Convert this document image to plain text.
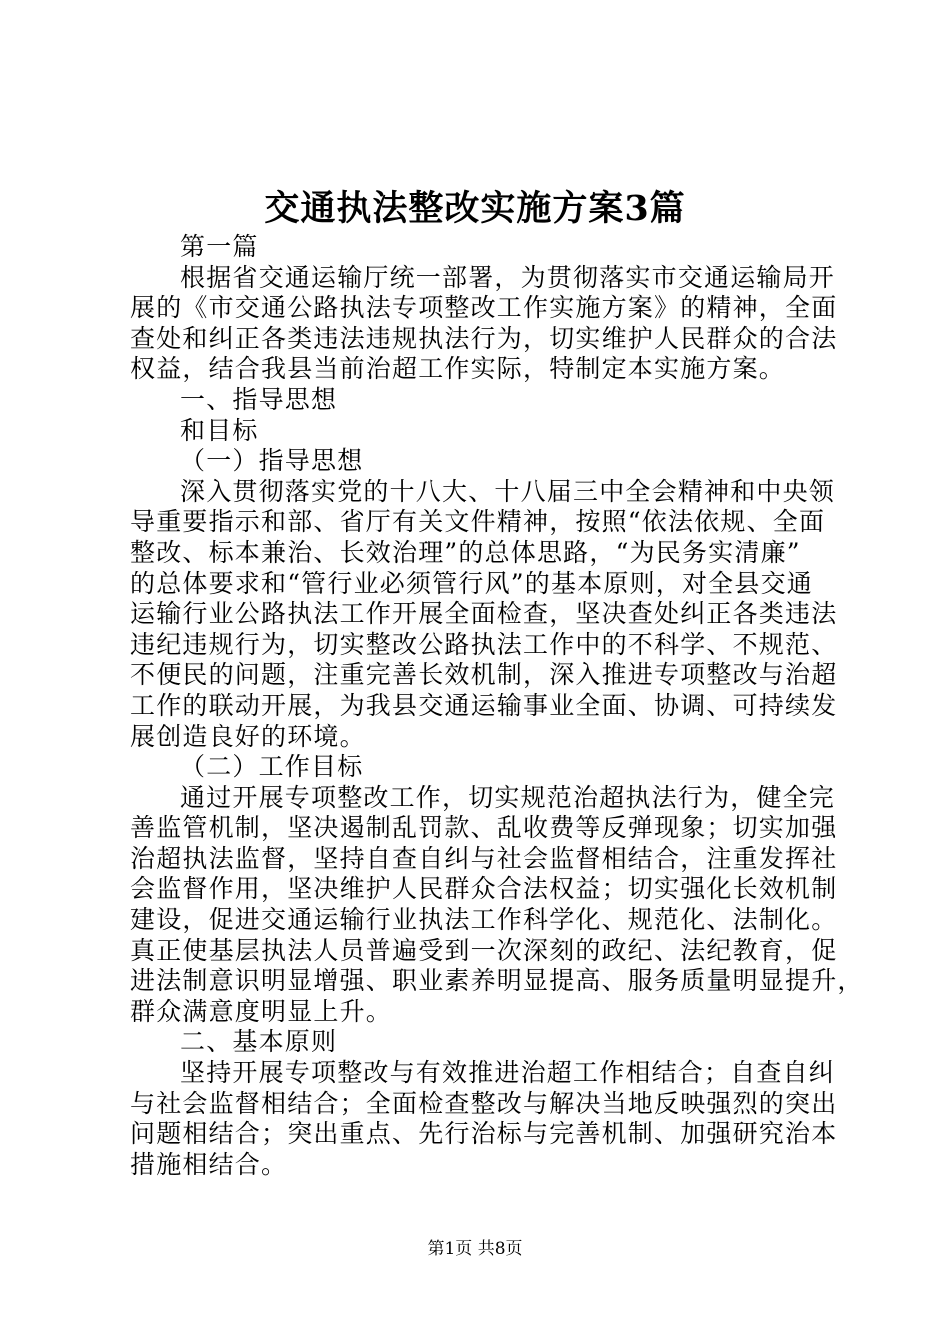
交通执法整改实施方案3篇
第一篇
根据省交通运输厅统一部署，为贯彻落实市交通运输局开
展的《市交通公路执法专项整改工作实施方案》的精神，全面
查处和纠正各类违法违规执法行为，切实维护人民群众的合法
权益，结合我县当前治超工作实际，特制定本实施方案。
一、指导思想
和目标
（一）指导思想
深入贯彻落实党的十八大、十八届三中全会精神和中央领
导重要指示和部、省厅有关文件精神，按照“依法依规、全面
整改、标本兼治、长效治理”的总体思路，“为民务实清廉”
的总体要求和“管行业必须管行风”的基本原则，对全县交通
运输行业公路执法工作开展全面检查，坚决查处纠正各类违法
违纪违规行为，切实整改公路执法工作中的不科学、不规范、
不便民的问题，注重完善长效机制，深入推进专项整改与治超
工作的联动开展，为我县交通运输事业全面、协调、可持续发
展创造良好的环境。
（二）工作目标
通过开展专项整改工作，切实规范治超执法行为，健全完
善监管机制，坚决遏制乱罚款、乱收费等反弹现象；切实加强
治超执法监督，坚持自查自纠与社会监督相结合，注重发挥社
会监督作用，坚决维护人民群众合法权益；切实强化长效机制
建设，促进交通运输行业执法工作科学化、规范化、法制化。
真正使基层执法人员普遍受到一次深刻的政纪、法纪教育，促
进法制意识明显增强、职业素养明显提高、服务质量明显提升，
群众满意度明显上升。
二、基本原则
坚持开展专项整改与有效推进治超工作相结合；自查自纠
与社会监督相结合；全面检查整改与解决当地反映强烈的突出
问题相结合；突出重点、先行治标与完善机制、加强研究治本
措施相结合。
第1页 共8页
